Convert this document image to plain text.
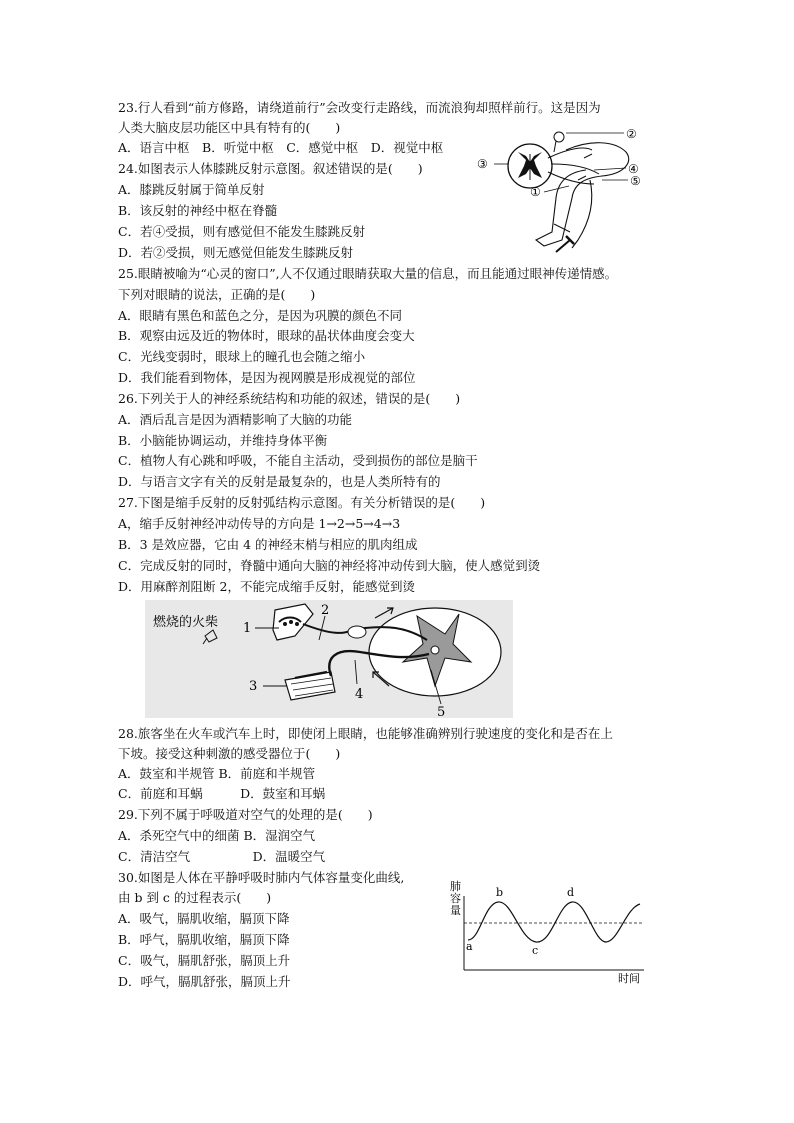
23.行人看到“前方修路，请绕道前行”会改变行走路线，而流浪狗却照样前行。这是因为
人类大脑皮层功能区中具有特有的(　　)
A．语言中枢　B．听觉中枢　C．感觉中枢　D．视觉中枢
24.如图表示人体膝跳反射示意图。叙述错误的是(　　)
A．膝跳反射属于简单反射
B．该反射的神经中枢在脊髓
C．若④受损，则有感觉但不能发生膝跳反射
D．若②受损，则无感觉但能发生膝跳反射
②
④
⑤
③
①
25.眼睛被喻为“心灵的窗口”,人不仅通过眼睛获取大量的信息，而且能通过眼神传递情感。
下列对眼睛的说法，正确的是(　　)
A．眼睛有黑色和蓝色之分，是因为巩膜的颜色不同
B．观察由远及近的物体时，眼球的晶状体曲度会变大
C．光线变弱时，眼球上的瞳孔也会随之缩小
D．我们能看到物体，是因为视网膜是形成视觉的部位
26.下列关于人的神经系统结构和功能的叙述，错误的是(　　)
A．酒后乱言是因为酒精影响了大脑的功能
B．小脑能协调运动，并维持身体平衡
C．植物人有心跳和呼吸，不能自主活动，受到损伤的部位是脑干
D．与语言文字有关的反射是最复杂的，也是人类所特有的
27.下图是缩手反射的反射弧结构示意图。有关分析错误的是(　　)
A，缩手反射神经冲动传导的方向是 1→2→5→4→3
B．3 是效应器，它由 4 的神经末梢与相应的肌肉组成
C．完成反射的同时，脊髓中通向大脑的神经将冲动传到大脑，使人感觉到烫
D．用麻醉剂阻断 2，不能完成缩手反射，能感觉到烫
燃烧的火柴 1
2
3
4
5
28.旅客坐在火车或汽车上时，即使闭上眼睛，也能够准确辨别行驶速度的变化和是否在上
下坡。接受这种刺激的感受器位于(　　)
A．鼓室和半规管 B．前庭和半规管
C．前庭和耳蜗　　　D．鼓室和耳蜗
29.下列不属于呼吸道对空气的处理的是(　　)
A．杀死空气中的细菌 B．湿润空气
C．清洁空气　　　　　D．温暖空气
30.如图是人体在平静呼吸时肺内气体容量变化曲线,
由 b 到 c 的过程表示(　　)
A．吸气，膈肌收缩，膈顶下降
B．呼气，膈肌收缩，膈顶下降
C．吸气，膈肌舒张，膈顶上升
D．呼气，膈肌舒张，膈顶上升
肺
容
量
a
b
c
d
时间
